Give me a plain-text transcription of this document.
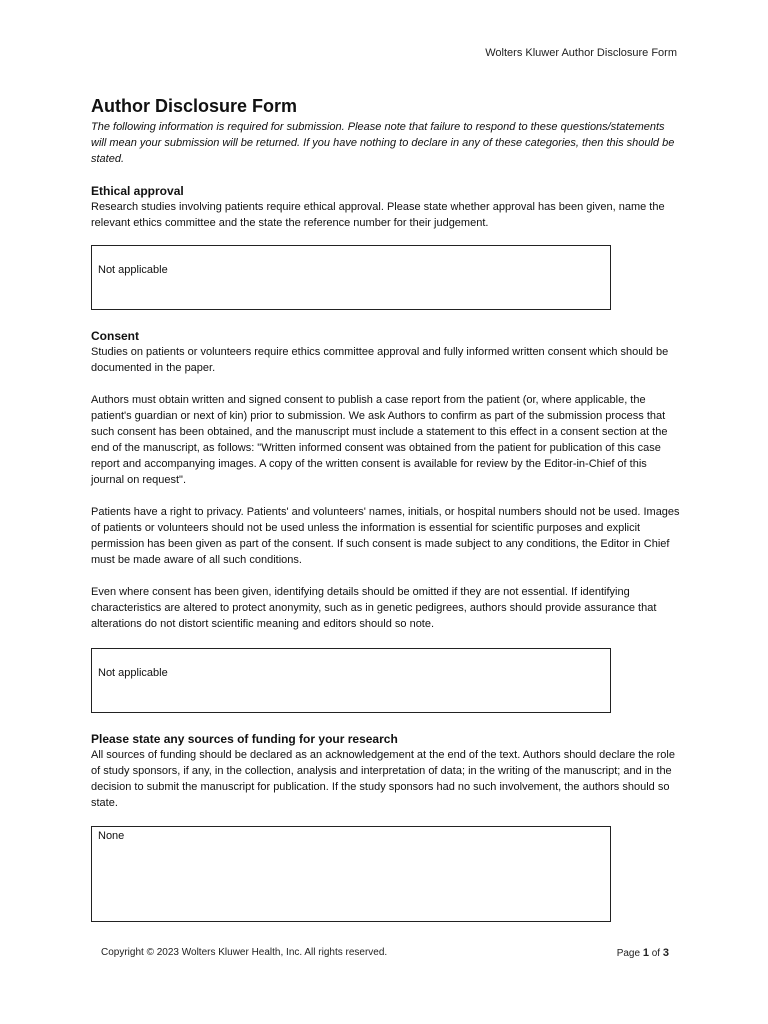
Wolters Kluwer Author Disclosure Form
Author Disclosure Form

The following information is required for submission. Please note that failure to respond to these questions/statements will mean your submission will be returned. If you have nothing to declare in any of these categories, then this should be stated.

Ethical approval

Research studies involving patients require ethical approval. Please state whether approval has been given, name the relevant ethics committee and the state the reference number for their judgement.

Not applicable
Consent

Studies on patients or volunteers require ethics committee approval and fully informed written consent which should be documented in the paper.

Authors must obtain written and signed consent to publish a case report from the patient (or, where applicable, the patient's guardian or next of kin) prior to submission. We ask Authors to confirm as part of the submission process that such consent has been obtained, and the manuscript must include a statement to this effect in a consent section at the end of the manuscript, as follows: "Written informed consent was obtained from the patient for publication of this case report and accompanying images. A copy of the written consent is available for review by the Editor-in-Chief of this journal on request".

Patients have a right to privacy. Patients' and volunteers' names, initials, or hospital numbers should not be used. Images of patients or volunteers should not be used unless the information is essential for scientific purposes and explicit permission has been given as part of the consent. If such consent is made subject to any conditions, the Editor in Chief must be made aware of all such conditions.

Even where consent has been given, identifying details should be omitted if they are not essential. If identifying characteristics are altered to protect anonymity, such as in genetic pedigrees, authors should provide assurance that alterations do not distort scientific meaning and editors should so note.

Not applicable
Please state any sources of funding for your research

All sources of funding should be declared as an acknowledgement at the end of the text. Authors should declare the role of study sponsors, if any, in the collection, analysis and interpretation of data; in the writing of the manuscript; and in the decision to submit the manuscript for publication. If the study sponsors had no such involvement, the authors should so state.

None
Copyright © 2023 Wolters Kluwer Health, Inc. All rights reserved.	Page 1 of 3
